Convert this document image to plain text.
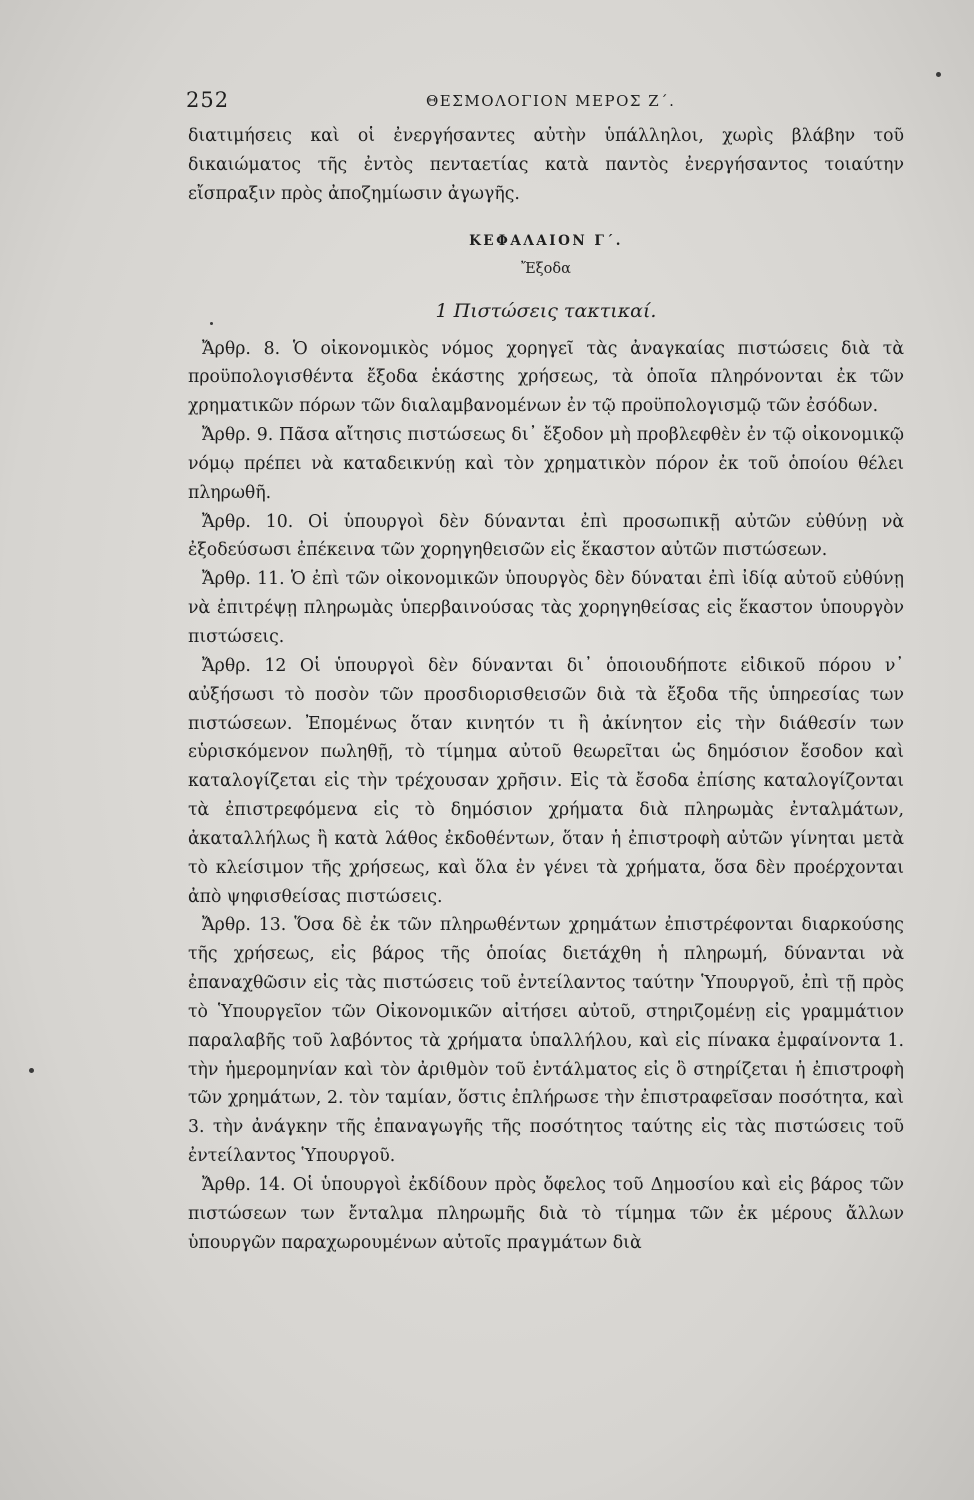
252	ΘΕΣΜΟΛΟΓΙΟΝ ΜΕΡΟΣ Ζ΄.

διατιμήσεις καὶ οἱ ἐνεργήσαντες αὐτὴν ὑπάλληλοι, χωρὶς βλάβην τοῦ δικαιώματος τῆς ἐντὸς πενταετίας κατὰ παντὸς ἐνεργήσαντος τοιαύτην εἴσπραξιν πρὸς ἀποζημίωσιν ἀγωγῆς.

ΚΕΦΑΛΑΙΟΝ Γ΄.

Ἔξοδα

1 Πιστώσεις τακτικαί.

Ἄρθρ. 8. Ὁ οἰκονομικὸς νόμος χορηγεῖ τὰς ἀναγκαίας πιστώσεις διὰ τὰ προϋπολογισθέντα ἔξοδα ἑκάστης χρήσεως, τὰ ὁποῖα πληρόνονται ἐκ τῶν χρηματικῶν πόρων τῶν διαλαμβανομένων ἐν τῷ προϋπολογισμῷ τῶν ἐσόδων.

Ἄρθρ. 9. Πᾶσα αἴτησις πιστώσεως δι᾽ ἔξοδον μὴ προβλεφθὲν ἐν τῷ οἰκονομικῷ νόμῳ πρέπει νὰ καταδεικνύῃ καὶ τὸν χρηματικὸν πόρον ἐκ τοῦ ὁποίου θέλει πληρωθῆ.

Ἄρθρ. 10. Οἱ ὑπουργοὶ δὲν δύνανται ἐπὶ προσωπικῇ αὐτῶν εὐθύνῃ νὰ ἐξοδεύσωσι ἐπέκεινα τῶν χορηγηθεισῶν εἰς ἕκαστον αὐτῶν πιστώσεων.

Ἄρθρ. 11. Ὁ ἐπὶ τῶν οἰκονομικῶν ὑπουργὸς δὲν δύναται ἐπὶ ἰδίᾳ αὐτοῦ εὐθύνῃ νὰ ἐπιτρέψῃ πληρωμὰς ὑπερβαινούσας τὰς χορηγηθείσας εἰς ἕκαστον ὑπουργὸν πιστώσεις.

Ἄρθρ. 12 Οἱ ὑπουργοὶ δὲν δύνανται δι᾽ ὁποιουδήποτε εἰδικοῦ πόρου ν᾽ αὐξήσωσι τὸ ποσὸν τῶν προσδιορισθεισῶν διὰ τὰ ἔξοδα τῆς ὑπηρεσίας των πιστώσεων. Ἐπομένως ὅταν κινητόν τι ἢ ἀκίνητον εἰς τὴν διάθεσίν των εὑρισκόμενον πωληθῇ, τὸ τίμημα αὐτοῦ θεωρεῖται ὡς δημόσιον ἔσοδον καὶ καταλογίζεται εἰς τὴν τρέχουσαν χρῆσιν. Εἰς τὰ ἔσοδα ἐπίσης καταλογίζονται τὰ ἐπιστρεφόμενα εἰς τὸ δημόσιον χρήματα διὰ πληρωμὰς ἐνταλμάτων, ἀκαταλλήλως ἢ κατὰ λάθος ἐκδοθέντων, ὅταν ἡ ἐπιστροφὴ αὐτῶν γίνηται μετὰ τὸ κλείσιμον τῆς χρήσεως, καὶ ὅλα ἐν γένει τὰ χρήματα, ὅσα δὲν προέρχονται ἀπὸ ψηφισθείσας πιστώσεις.

Ἄρθρ. 13. Ὅσα δὲ ἐκ τῶν πληρωθέντων χρημάτων ἐπιστρέφονται διαρκούσης τῆς χρήσεως, εἰς βάρος τῆς ὁποίας διετάχθη ἡ πληρωμή, δύνανται νὰ ἐπαναχθῶσιν εἰς τὰς πιστώσεις τοῦ ἐντείλαντος ταύτην Ὑπουργοῦ, ἐπὶ τῇ πρὸς τὸ Ὑπουργεῖον τῶν Οἰκονομικῶν αἰτήσει αὐτοῦ, στηριζομένῃ εἰς γραμμάτιον παραλαβῆς τοῦ λαβόντος τὰ χρήματα ὑπαλλήλου, καὶ εἰς πίνακα ἐμφαίνοντα 1. τὴν ἡμερομηνίαν καὶ τὸν ἀριθμὸν τοῦ ἐντάλματος εἰς ὃ στηρίζεται ἡ ἐπιστροφὴ τῶν χρημάτων, 2. τὸν ταμίαν, ὅστις ἐπλήρωσε τὴν ἐπιστραφεῖσαν ποσότητα, καὶ 3. τὴν ἀνάγκην τῆς ἐπαναγωγῆς τῆς ποσότητος ταύτης εἰς τὰς πιστώσεις τοῦ ἐντείλαντος Ὑπουργοῦ.

Ἄρθρ. 14. Οἱ ὑπουργοὶ ἐκδίδουν πρὸς ὄφελος τοῦ Δημοσίου καὶ εἰς βάρος τῶν πιστώσεων των ἔνταλμα πληρωμῆς διὰ τὸ τίμημα τῶν ἐκ μέρους ἄλλων ὑπουργῶν παραχωρουμένων αὐτοῖς πραγμάτων διὰ
